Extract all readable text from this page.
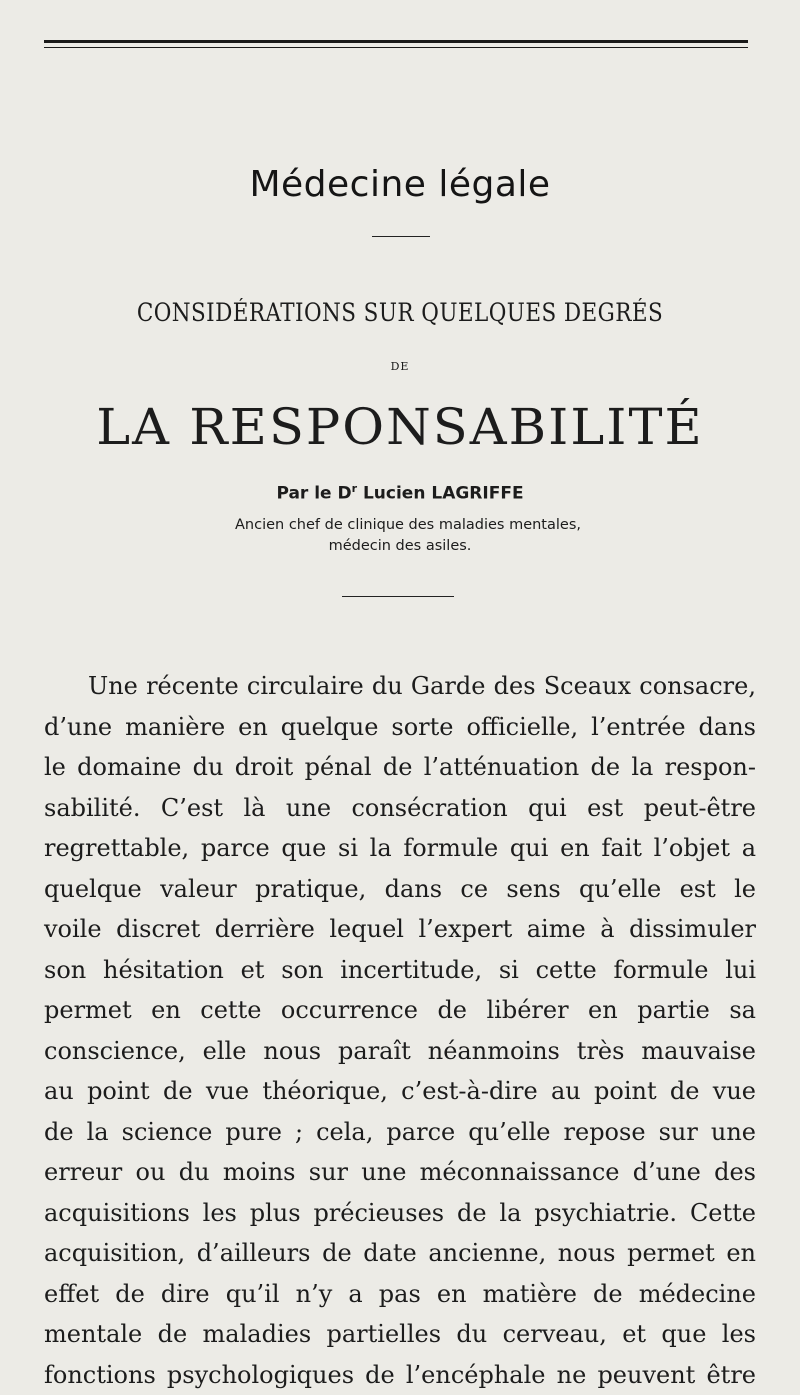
Médecine légale
CONSIDÉRATIONS SUR QUELQUES DEGRÉS
DE
LA RESPONSABILITÉ
Par le $D^r$ Lucien LAGRIFFE
Ancien chef de clinique des maladies mentales,
médecin des asiles.
Une récente circulaire du Garde des Sceaux consacre,
d’une manière en quelque sorte officielle, l’entrée dans
le domaine du droit pénal de l’atténuation de la respon-
sabilité. C’est là une consécration qui est peut-être
regrettable, parce que si la formule qui en fait l’objet a
quelque valeur pratique, dans ce sens qu’elle est le
voile discret derrière lequel l’expert aime à dissimuler
son hésitation et son incertitude, si cette formule lui
permet en cette occurrence de libérer en partie sa
conscience, elle nous paraît néanmoins très mauvaise
au point de vue théorique, c’est-à-dire au point de vue
de la science pure ; cela, parce qu’elle repose sur une
erreur ou du moins sur une méconnaissance d’une des
acquisitions les plus précieuses de la psychiatrie. Cette
acquisition, d’ailleurs de date ancienne, nous permet en
effet de dire qu’il n’y a pas en matière de médecine
mentale de maladies partielles du cerveau, et que les
fonctions psychologiques de l’encéphale ne peuvent être
